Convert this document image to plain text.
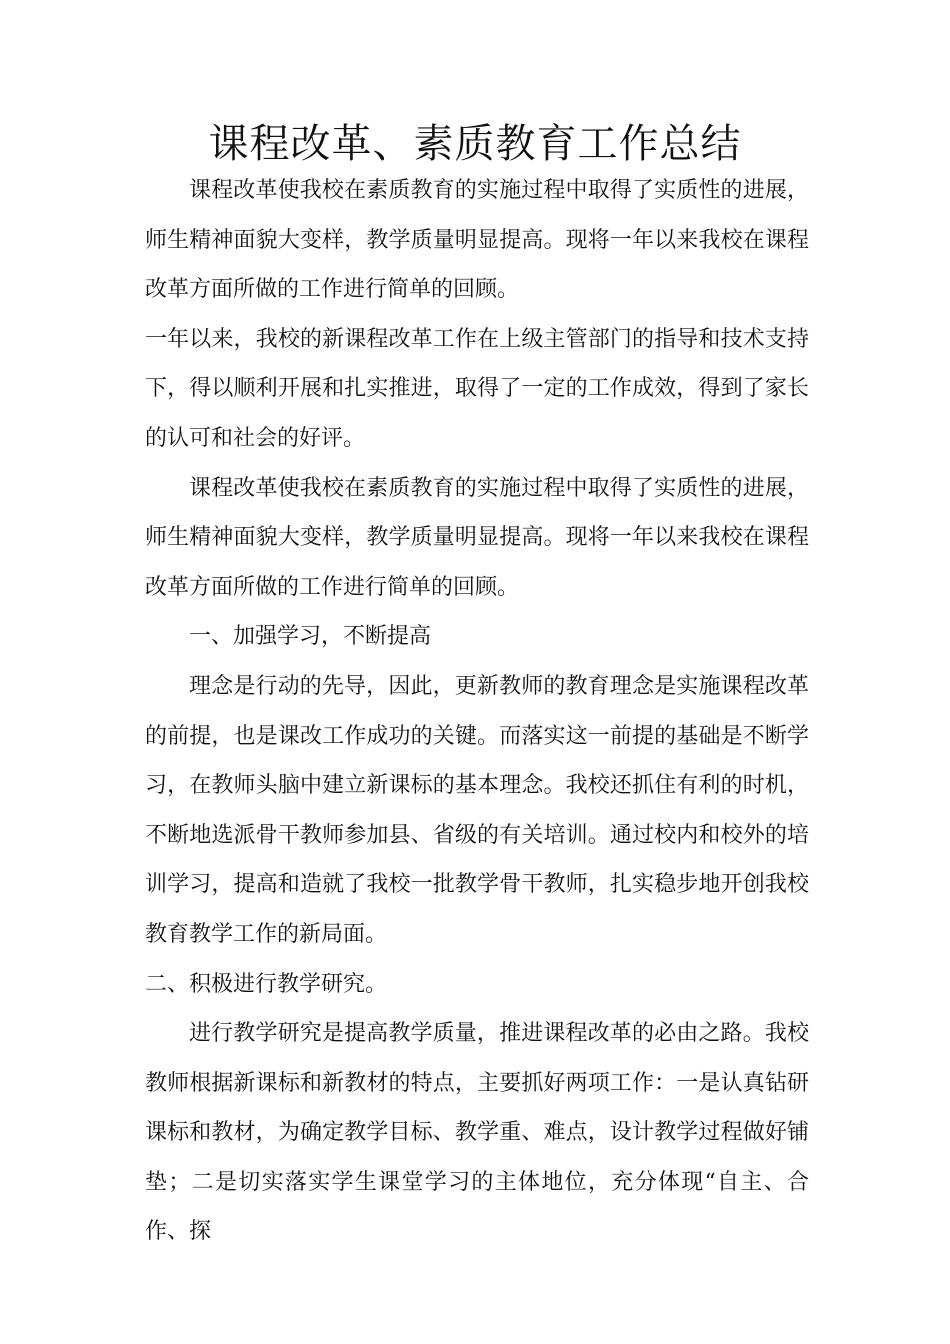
课程改革、素质教育工作总结

课程改革使我校在素质教育的实施过程中取得了实质性的进展，师生精神面貌大变样，教学质量明显提高。现将一年以来我校在课程改革方面所做的工作进行简单的回顾。

一年以来，我校的新课程改革工作在上级主管部门的指导和技术支持下，得以顺利开展和扎实推进，取得了一定的工作成效，得到了家长的认可和社会的好评。

课程改革使我校在素质教育的实施过程中取得了实质性的进展，师生精神面貌大变样，教学质量明显提高。现将一年以来我校在课程改革方面所做的工作进行简单的回顾。

一、加强学习，不断提高

理念是行动的先导，因此，更新教师的教育理念是实施课程改革的前提，也是课改工作成功的关键。而落实这一前提的基础是不断学习，在教师头脑中建立新课标的基本理念。我校还抓住有利的时机，不断地选派骨干教师参加县、省级的有关培训。通过校内和校外的培训学习，提高和造就了我校一批教学骨干教师，扎实稳步地开创我校教育教学工作的新局面。

二、积极进行教学研究。

进行教学研究是提高教学质量，推进课程改革的必由之路。我校教师根据新课标和新教材的特点，主要抓好两项工作：一是认真钻研课标和教材，为确定教学目标、教学重、难点，设计教学过程做好铺垫；二是切实落实学生课堂学习的主体地位，充分体现“自主、合作、探
